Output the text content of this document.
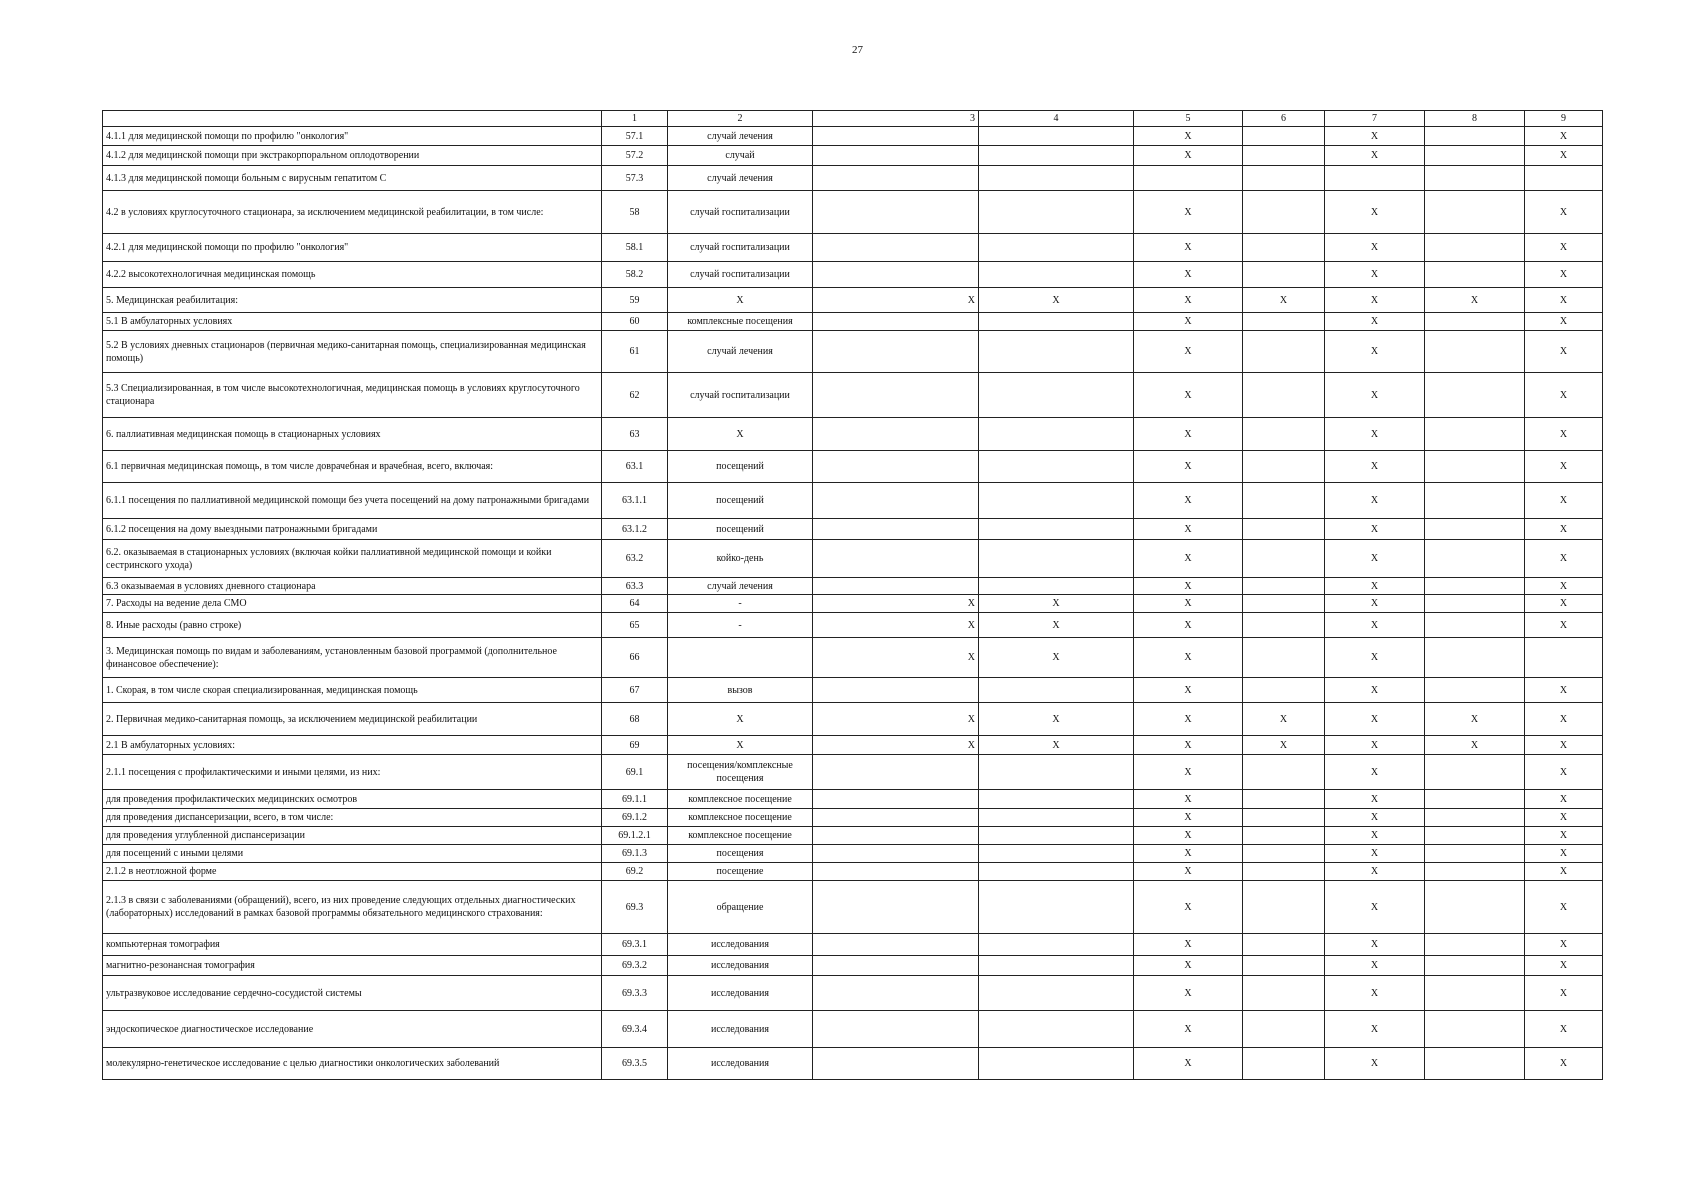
27
	1	2	3	4	5	6	7	8	9
4.1.1 для медицинской помощи по профилю "онкология"	57.1	случай лечения			X		X		X
4.1.2 для медицинской помощи при экстракорпоральном оплодотворении	57.2	случай			X		X		X
4.1.3 для медицинской помощи больным с вирусным гепатитом С	57.3	случай лечения							
4.2 в условиях круглосуточного стационара, за исключением медицинской реабилитации, в том числе:	58	случай госпитализации			X		X		X
4.2.1 для медицинской помощи по профилю "онкология"	58.1	случай госпитализации			X		X		X
4.2.2 высокотехнологичная медицинская помощь	58.2	случай госпитализации			X		X		X
5. Медицинская реабилитация:	59	X	X	X	X	X	X	X	X
5.1 В амбулаторных условиях	60	комплексные посещения			X		X		X
5.2 В условиях дневных стационаров (первичная медико-санитарная помощь, специализированная медицинская помощь)	61	случай лечения			X		X		X
5.3 Специализированная, в том числе высокотехнологичная, медицинская помощь в условиях круглосуточного стационара	62	случай госпитализации			X		X		X
6. паллиативная медицинская помощь в стационарных условиях	63	X			X		X		X
6.1 первичная медицинская помощь, в том числе доврачебная и врачебная, всего, включая:	63.1	посещений			X		X		X
6.1.1 посещения по паллиативной медицинской помощи без учета посещений на дому патронажными бригадами	63.1.1	посещений			X		X		X
6.1.2 посещения на дому выездными патронажными бригадами	63.1.2	посещений			X		X		X
6.2. оказываемая в стационарных условиях (включая койки паллиативной медицинской помощи и койки сестринского ухода)	63.2	койко-день			X		X		X
6.3 оказываемая в условиях дневного стационара	63.3	случай лечения			X		X		X
7. Расходы на ведение дела СМО	64	-	X	X	X		X		X
8. Иные расходы (равно строке)	65	-	X	X	X		X		X
3. Медицинская помощь по видам и заболеваниям, установленным базовой программой (дополнительное финансовое обеспечение):	66		X	X	X		X		
1. Скорая, в том числе скорая специализированная, медицинская помощь	67	вызов			X		X		X
2. Первичная медико-санитарная помощь, за исключением медицинской реабилитации	68	X	X	X	X	X	X	X	X
2.1 В амбулаторных условиях:	69	X	X	X	X	X	X	X	X
2.1.1 посещения с профилактическими и иными целями, из них:	69.1	посещения/комплексные посещения			X		X		X
для проведения профилактических медицинских осмотров	69.1.1	комплексное посещение			X		X		X
для проведения диспансеризации, всего, в том числе:	69.1.2	комплексное посещение			X		X		X
для проведения углубленной диспансеризации	69.1.2.1	комплексное посещение			X		X		X
для посещений с иными целями	69.1.3	посещения			X		X		X
2.1.2 в неотложной форме	69.2	посещение			X		X		X
2.1.3 в связи с заболеваниями (обращений), всего, из них проведение следующих отдельных диагностических (лабораторных) исследований в рамках базовой программы обязательного медицинского страхования:	69.3	обращение			X		X		X
компьютерная томография	69.3.1	исследования			X		X		X
магнитно-резонансная томография	69.3.2	исследования			X		X		X
ультразвуковое исследование сердечно-сосудистой системы	69.3.3	исследования			X		X		X
эндоскопическое диагностическое исследование	69.3.4	исследования			X		X		X
молекулярно-генетическое исследование с целью диагностики онкологических заболеваний	69.3.5	исследования			X		X		X
